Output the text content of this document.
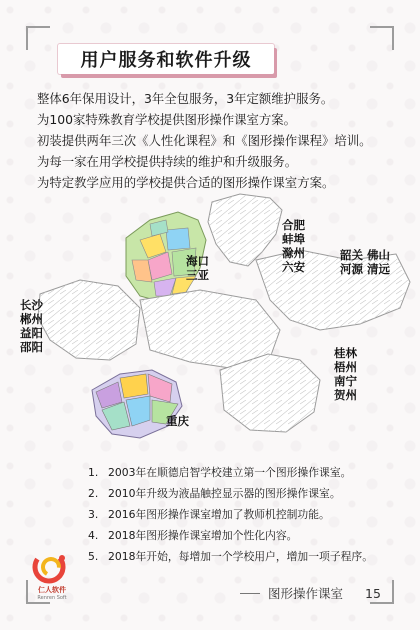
用户服务和软件升级
整体6年保用设计，3年全包服务，3年定额维护服务。
为100家特殊教育学校提供图形操作课室方案。
初装提供两年三次《人性化课程》和《图形操作课程》培训。
为每一家在用学校提供持续的维护和升级服务。
为特定教学应用的学校提供合适的图形操作课室方案。
海口
三亚
合肥
蚌埠
滁州
六安
韶关 佛山
河源 清远
长沙
郴州
益阳
邵阳	桂林
梧州
南宁
贺州
重庆
1. 2003年在顺德启智学校建立第一个图形操作课室。
2. 2010年升级为液晶触控显示器的图形操作课室。
3. 2016年图形操作课室增加了教师机控制功能。
4. 2018年图形操作课室增加个性化内容。
5. 2018年开始，每增加一个学校用户，增加一项子程序。
仁人软件
Renren Soft	图形操作课室 15
